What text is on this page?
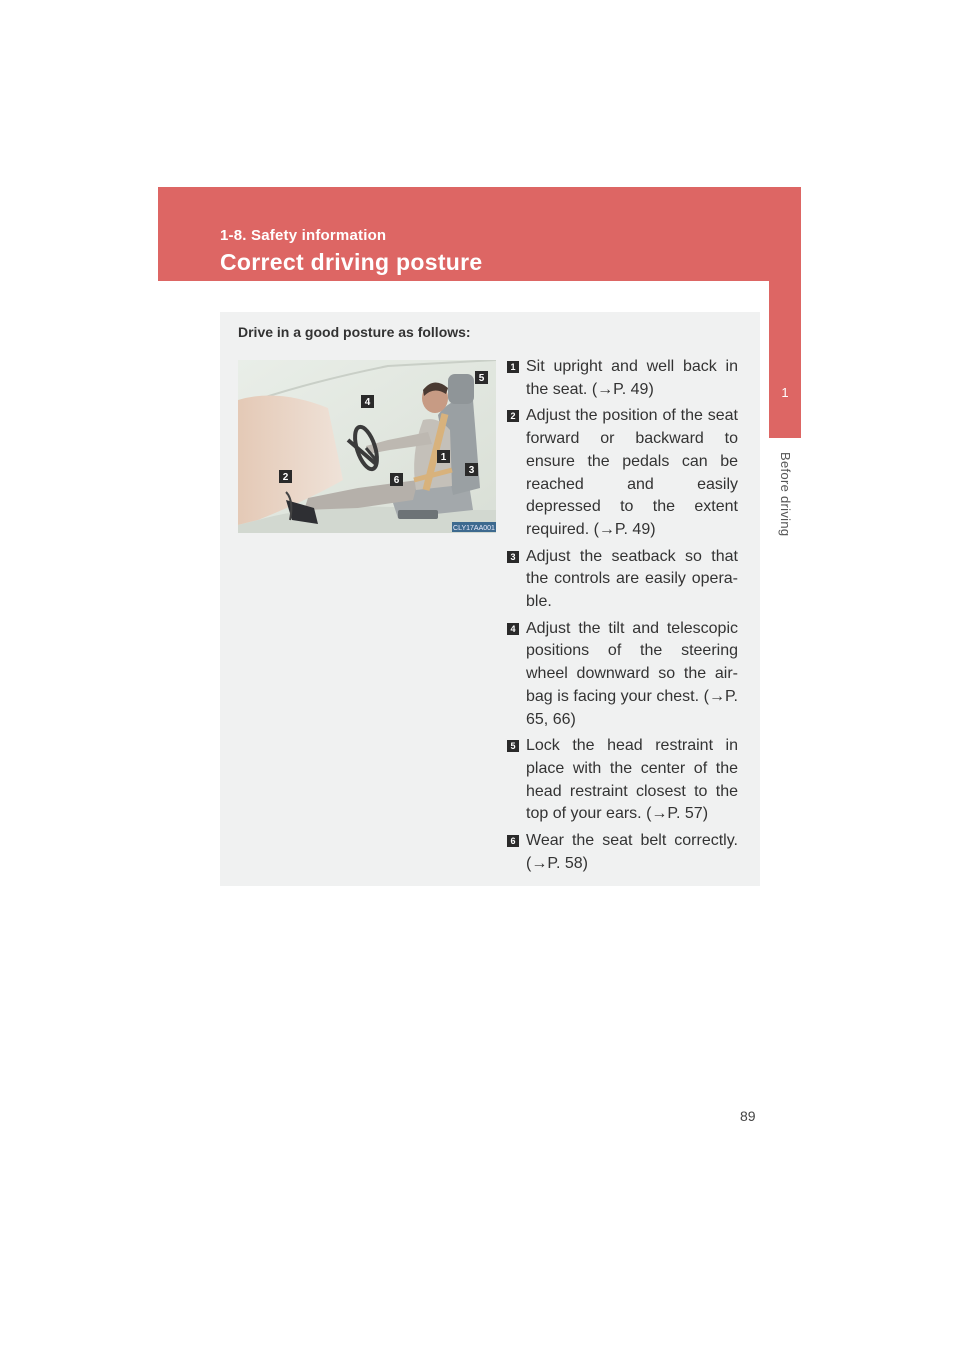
1-8. Safety information
Correct driving posture
1
Before driving
Drive in a good posture as follows:
4
5
1
3
2	6
CLY17AA001
1 Sit upright and well back in the seat. (→P. 49)
2 Adjust the position of the seat forward or backward to ensure the pedals can be reached and easily depressed to the extent required. (→P. 49)
3 Adjust the seatback so that the controls are easily opera-ble.
4 Adjust the tilt and telescopic positions of the steering wheel downward so the air-bag is facing your chest. (→P. 65, 66)
5 Lock the head restraint in place with the center of the head restraint closest to the top of your ears. (→P. 57)
6 Wear the seat belt correctly. (→P. 58)
89
